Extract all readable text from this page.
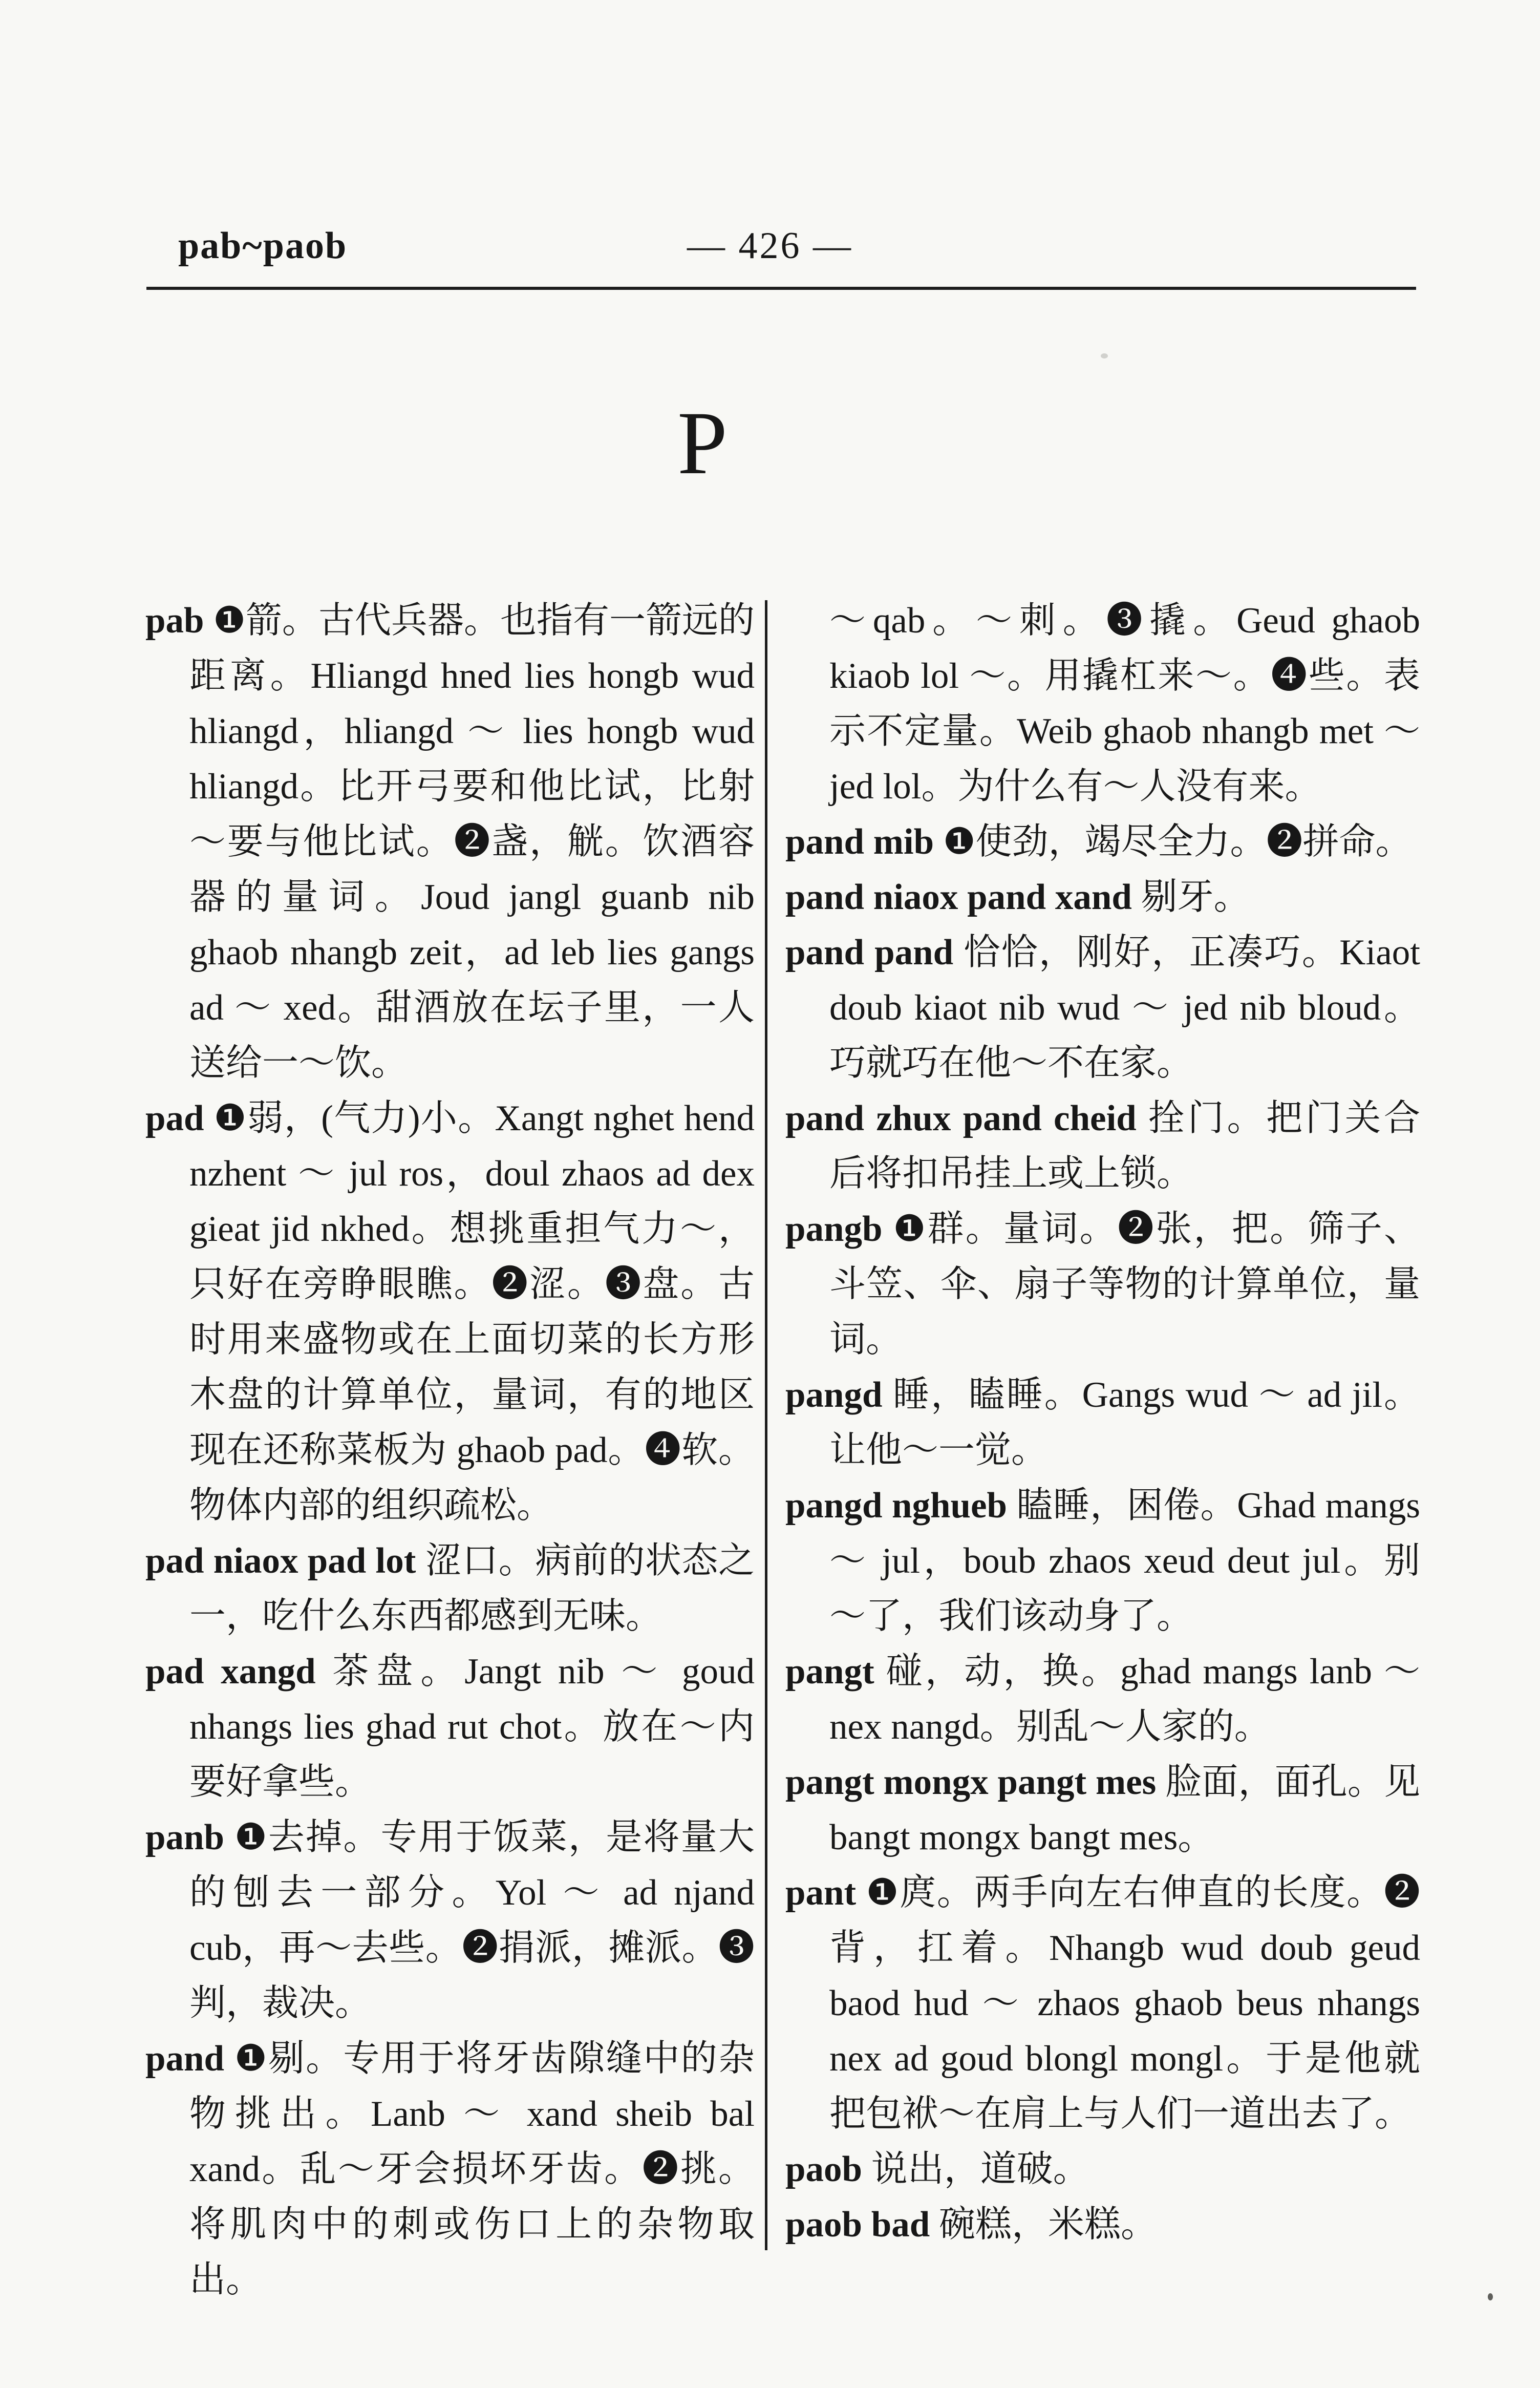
pab~paob	— 426 —
P

pab ❶箭。古代兵器。也指有一箭远的距离。Hliangd hned lies hongb wud hliangd，hliangd ～ lies hongb wud hliangd。比开弓要和他比试，比射～要与他比试。❷盏，觥。饮酒容器的量词。Joud jangl guanb nib ghaob nhangb zeit，ad leb lies gangs ad ～ xed。甜酒放在坛子里，一人送给一～饮。

pad ❶弱，(气力)小。Xangt nghet hend nzhent ～ jul ros，doul zhaos ad dex gieat jid nkhed。想挑重担气力～，只好在旁睁眼瞧。❷涩。❸盘。古时用来盛物或在上面切菜的长方形木盘的计算单位，量词，有的地区现在还称菜板为 ghaob pad。❹软。物体内部的组织疏松。

pad niaox pad lot 涩口。病前的状态之一，吃什么东西都感到无味。

pad xangd 茶盘。Jangt nib ～ goud nhangs lies ghad rut chot。放在～内要好拿些。

panb ❶去掉。专用于饭菜，是将量大的刨去一部分。Yol ～ ad njand cub，再～去些。❷捐派，摊派。❸判，裁决。

pand ❶剔。专用于将牙齿隙缝中的杂物挑出。Lanb ～ xand sheib bal xand。乱～牙会损坏牙齿。❷挑。将肌肉中的刺或伤口上的杂物取出。

～qab。～刺。❸撬。Geud ghaob kiaob lol ～。用撬杠来～。❹些。表示不定量。Weib ghaob nhangb met ～ jed lol。为什么有～人没有来。

pand mib ❶使劲，竭尽全力。❷拼命。

pand niaox pand xand 剔牙。

pand pand 恰恰，刚好，正凑巧。Kiaot doub kiaot nib wud ～ jed nib bloud。巧就巧在他～不在家。

pand zhux pand cheid 拴门。把门关合后将扣吊挂上或上锁。

pangb ❶群。量词。❷张，把。筛子、斗笠、伞、扇子等物的计算单位，量词。

pangd 睡，瞌睡。Gangs wud ～ ad jil。让他～一觉。

pangd nghueb 瞌睡，困倦。Ghad mangs ～ jul，boub zhaos xeud deut jul。别～了，我们该动身了。

pangt 碰，动，换。ghad mangs lanb ～ nex nangd。别乱～人家的。

pangt mongx pangt mes 脸面，面孔。见 bangt mongx bangt mes。

pant ❶庹。两手向左右伸直的长度。❷背，扛着。Nhangb wud doub geud baod hud ～ zhaos ghaob beus nhangs nex ad goud blongl mongl。于是他就把包袱～在肩上与人们一道出去了。

paob 说出，道破。

paob bad 碗糕，米糕。
